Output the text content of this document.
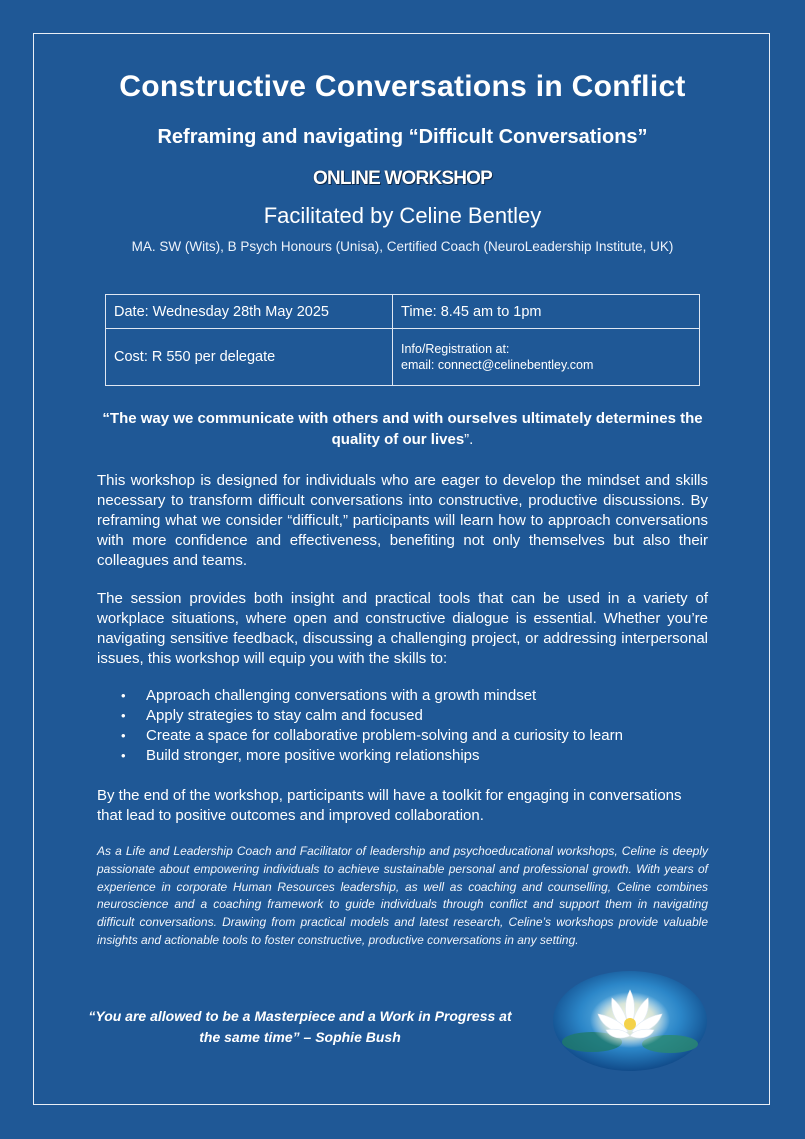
Constructive Conversations in Conflict
Reframing and navigating “Difficult Conversations”
ONLINE WORKSHOP
Facilitated by Celine Bentley
MA. SW (Wits), B Psych Honours (Unisa), Certified Coach (NeuroLeadership Institute, UK)
Date: Wednesday 28th May 2025	Time: 8.45 am to 1pm
Cost: R 550 per delegate	Info/Registration at:
email: connect@celinebentley.com
“The way we communicate with others and with ourselves ultimately determines the quality of our lives”.
This workshop is designed for individuals who are eager to develop the mindset and skills necessary to transform difficult conversations into constructive, productive discussions. By reframing what we consider “difficult,” participants will learn how to approach conversations with more confidence and effectiveness, benefiting not only themselves but also their colleagues and teams.
The session provides both insight and practical tools that can be used in a variety of workplace situations, where open and constructive dialogue is essential. Whether you’re navigating sensitive feedback, discussing a challenging project, or addressing interpersonal issues, this workshop will equip you with the skills to:
• Approach challenging conversations with a growth mindset
• Apply strategies to stay calm and focused
• Create a space for collaborative problem-solving and a curiosity to learn
• Build stronger, more positive working relationships
By the end of the workshop, participants will have a toolkit for engaging in conversations that lead to positive outcomes and improved collaboration.
As a Life and Leadership Coach and Facilitator of leadership and psychoeducational workshops, Celine is deeply passionate about empowering individuals to achieve sustainable personal and professional growth. With years of experience in corporate Human Resources leadership, as well as coaching and counselling, Celine combines neuroscience and a coaching framework to guide individuals through conflict and support them in navigating difficult conversations. Drawing from practical models and latest research, Celine’s workshops provide valuable insights and actionable tools to foster constructive, productive conversations in any setting.
“You are allowed to be a Masterpiece and a Work in Progress at the same time” – Sophie Bush
